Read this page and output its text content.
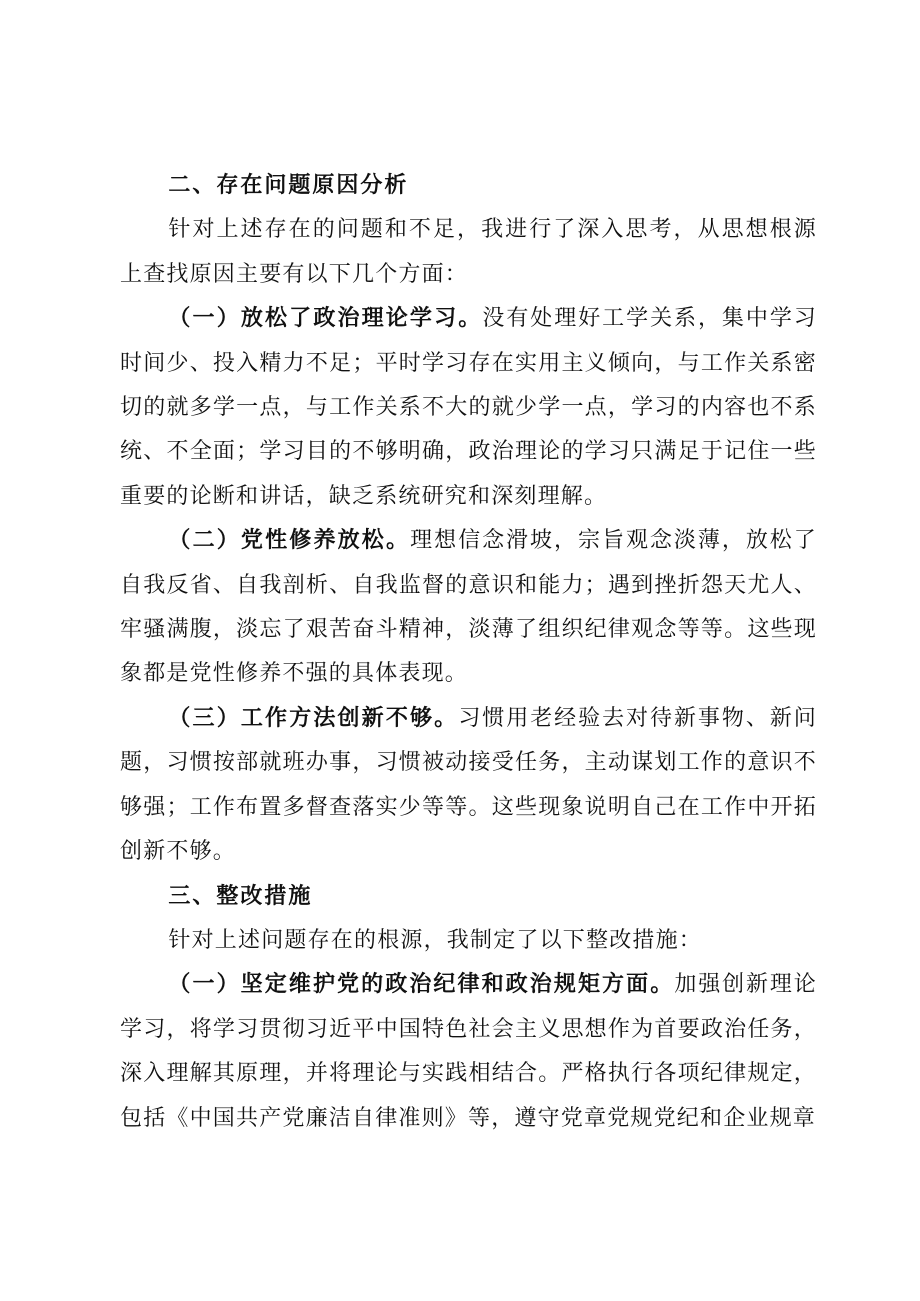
二、存在问题原因分析

针对上述存在的问题和不足，我进行了深入思考，从思想根源上查找原因主要有以下几个方面：

（一）放松了政治理论学习。没有处理好工学关系，集中学习时间少、投入精力不足；平时学习存在实用主义倾向，与工作关系密切的就多学一点，与工作关系不大的就少学一点，学习的内容也不系统、不全面；学习目的不够明确，政治理论的学习只满足于记住一些重要的论断和讲话，缺乏系统研究和深刻理解。

（二）党性修养放松。理想信念滑坡，宗旨观念淡薄，放松了自我反省、自我剖析、自我监督的意识和能力；遇到挫折怨天尤人、牢骚满腹，淡忘了艰苦奋斗精神，淡薄了组织纪律观念等等。这些现象都是党性修养不强的具体表现。

（三）工作方法创新不够。习惯用老经验去对待新事物、新问题，习惯按部就班办事，习惯被动接受任务，主动谋划工作的意识不够强；工作布置多督查落实少等等。这些现象说明自己在工作中开拓创新不够。

三、整改措施

针对上述问题存在的根源，我制定了以下整改措施：

（一）坚定维护党的政治纪律和政治规矩方面。加强创新理论学习，将学习贯彻习近平中国特色社会主义思想作为首要政治任务，深入理解其原理，并将理论与实践相结合。严格执行各项纪律规定，包括《中国共产党廉洁自律准则》等，遵守党章党规党纪和企业规章
